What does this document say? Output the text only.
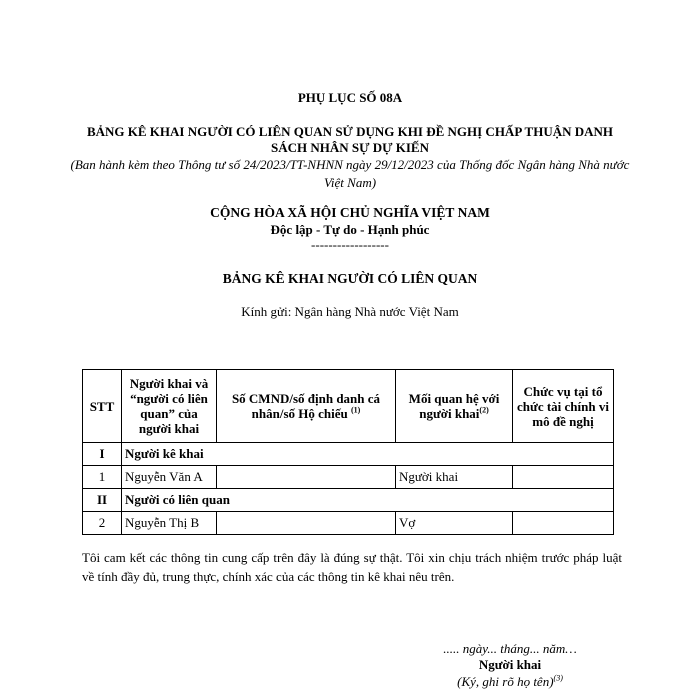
PHỤ LỤC SỐ 08A
BẢNG KÊ KHAI NGƯỜI CÓ LIÊN QUAN SỬ DỤNG KHI ĐỀ NGHỊ CHẤP THUẬN DANH SÁCH NHÂN SỰ DỰ KIẾN
(Ban hành kèm theo Thông tư số 24/2023/TT-NHNN ngày 29/12/2023 của Thống đốc Ngân hàng Nhà nước Việt Nam)
CỘNG HÒA XÃ HỘI CHỦ NGHĨA VIỆT NAM
Độc lập - Tự do - Hạnh phúc
------------------
BẢNG KÊ KHAI NGƯỜI CÓ LIÊN QUAN
Kính gửi: Ngân hàng Nhà nước Việt Nam
STT	Người khai và “người có liên quan” của người khai	Số CMND/số định danh cá nhân/số Hộ chiếu $^{(1)}$	Mối quan hệ với người khai$^{(2)}$	Chức vụ tại tổ chức tài chính vi mô đề nghị
I	Người kê khai			
1	Nguyễn Văn A		Người khai	
II	Người có liên quan			
2	Nguyễn Thị B		Vợ	
Tôi cam kết các thông tin cung cấp trên đây là đúng sự thật. Tôi xin chịu trách nhiệm trước pháp luật về tính đầy đủ, trung thực, chính xác của các thông tin kê khai nêu trên.
..... ngày... tháng... năm…
Người khai
(Ký, ghi rõ họ tên)$^{(3)}$
